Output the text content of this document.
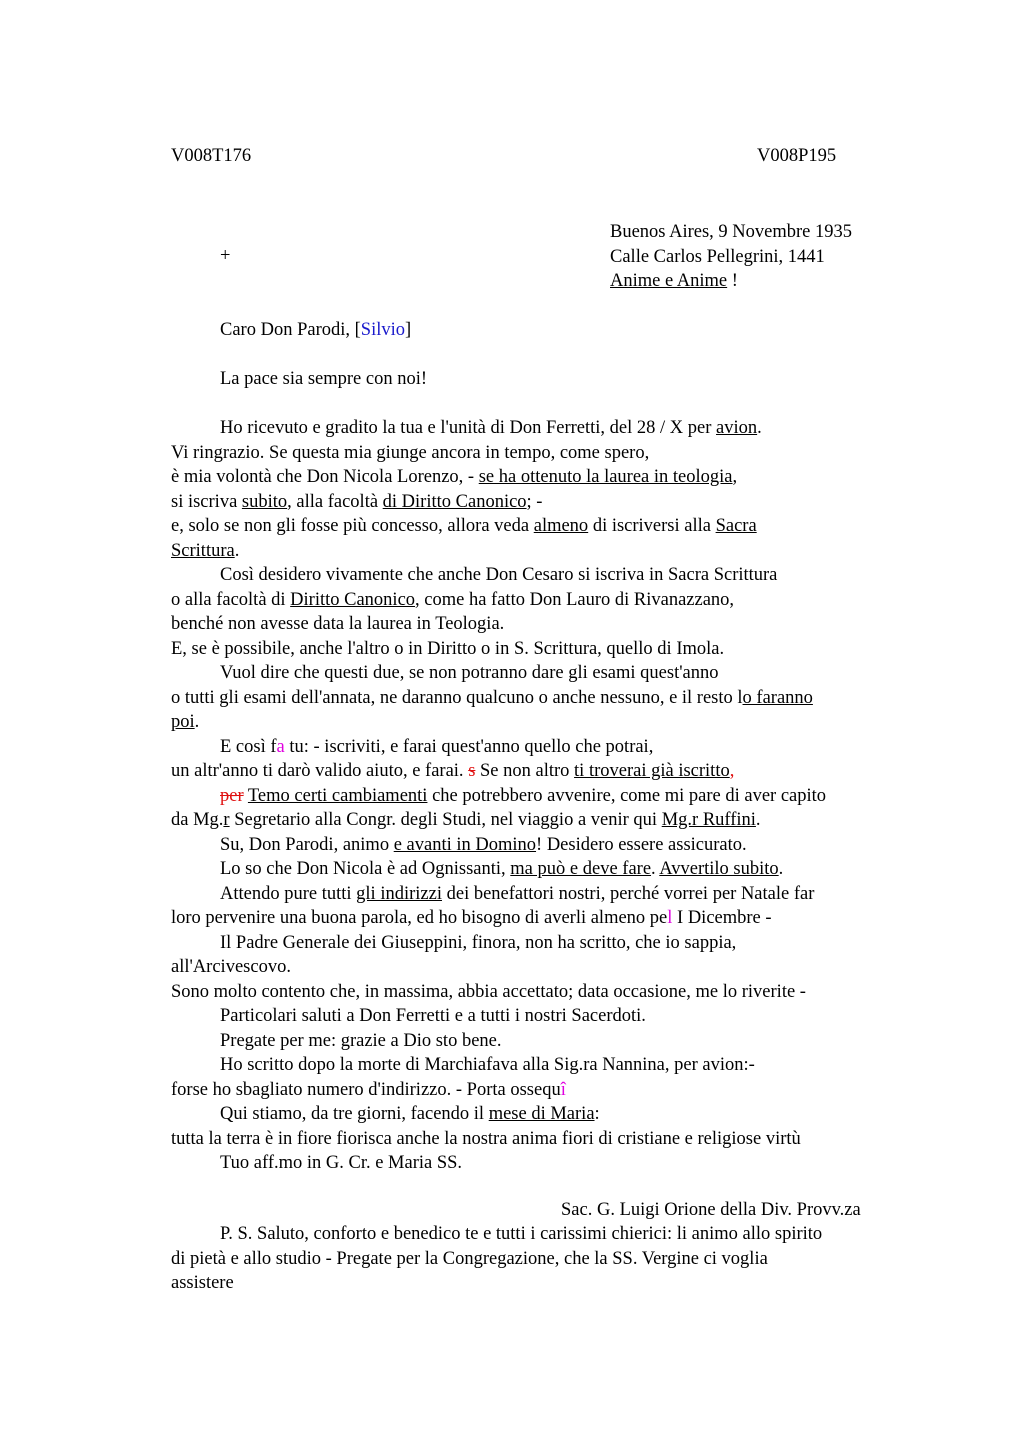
V008T176	V008P195
Buenos Aires, 9 Novembre 1935
Calle Carlos Pellegrini, 1441
Anime e Anime !
+
Caro Don Parodi, [Silvio]
La pace sia sempre con noi!
Ho ricevuto e gradito la tua e l'unità di Don Ferretti, del 28 / X per avion.
Vi ringrazio. Se questa mia giunge ancora in tempo, come spero,
è mia volontà che Don Nicola Lorenzo, - se ha ottenuto la laurea in teologia,
si iscriva subito, alla facoltà di Diritto Canonico; -
e, solo se non gli fosse più concesso, allora veda almeno di iscriversi alla Sacra
Scrittura.
Così desidero vivamente che anche Don Cesaro si iscriva in Sacra Scrittura
o alla facoltà di Diritto Canonico, come ha fatto Don Lauro di Rivanazzano,
benché non avesse data la laurea in Teologia.
E, se è possibile, anche l'altro o in Diritto o in S. Scrittura, quello di Imola.
Vuol dire che questi due, se non potranno dare gli esami quest'anno
o tutti gli esami dell'annata, ne daranno qualcuno o anche nessuno, e il resto lo faranno
poi.
E così fa tu: - iscriviti, e farai quest'anno quello che potrai,
un altr'anno ti darò valido aiuto, e farai. s Se non altro ti troverai già iscritto,
per Temo certi cambiamenti che potrebbero avvenire, come mi pare di aver capito
da Mg.r Segretario alla Congr. degli Studi, nel viaggio a venir qui Mg.r Ruffini.
Su, Don Parodi, animo e avanti in Domino! Desidero essere assicurato.
Lo so che Don Nicola è ad Ognissanti, ma può e deve fare. Avvertilo subito.
Attendo pure tutti gli indirizzi dei benefattori nostri, perché vorrei per Natale far
loro pervenire una buona parola, ed ho bisogno di averli almeno pel I Dicembre -
Il Padre Generale dei Giuseppini, finora, non ha scritto, che io sappia,
all'Arcivescovo.
Sono molto contento che, in massima, abbia accettato; data occasione, me lo riverite -
Particolari saluti a Don Ferretti e a tutti i nostri Sacerdoti.
Pregate per me: grazie a Dio sto bene.
Ho scritto dopo la morte di Marchiafava alla Sig.ra Nannina, per avion:-
forse ho sbagliato numero d'indirizzo. - Porta ossequî
Qui stiamo, da tre giorni, facendo il mese di Maria:
tutta la terra è in fiore fiorisca anche la nostra anima fiori di cristiane e religiose virtù
Tuo aff.mo in G. Cr. e Maria SS.
Sac. G. Luigi Orione della Div. Provv.za
P. S. Saluto, conforto e benedico te e tutti i carissimi chierici: li animo allo spirito
di pietà e allo studio - Pregate per la Congregazione, che la SS. Vergine ci voglia
assistere
